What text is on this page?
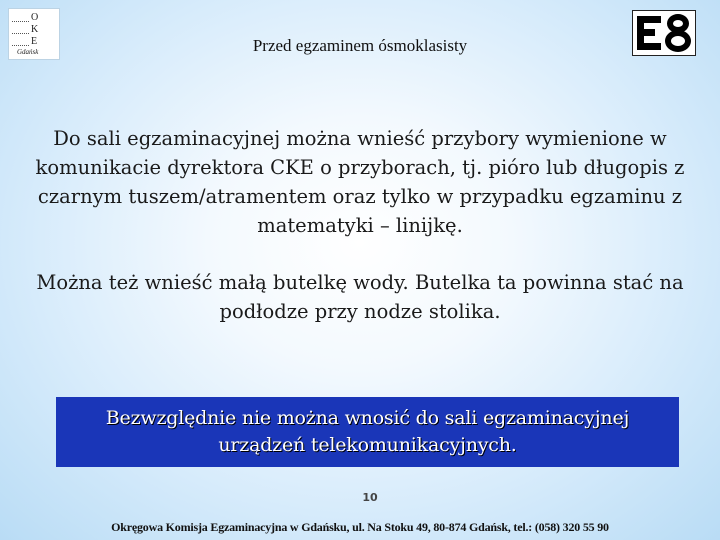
O
K
E
Gdańsk	Przed egzaminem ósmoklasisty
Do sali egzaminacyjnej można wnieść przybory wymienione w komunikacie dyrektora CKE o przyborach, tj. pióro lub długopis z czarnym tuszem/atramentem oraz tylko w przypadku egzaminu z matematyki – linijkę.
Można też wnieść małą butelkę wody. Butelka ta powinna stać na podłodze przy nodze stolika.
Bezwzględnie nie można wnosić do sali egzaminacyjnej urządzeń telekomunikacyjnych.
10
Okręgowa Komisja Egzaminacyjna w Gdańsku, ul. Na Stoku 49, 80-874 Gdańsk, tel.: (058) 320 55 90
